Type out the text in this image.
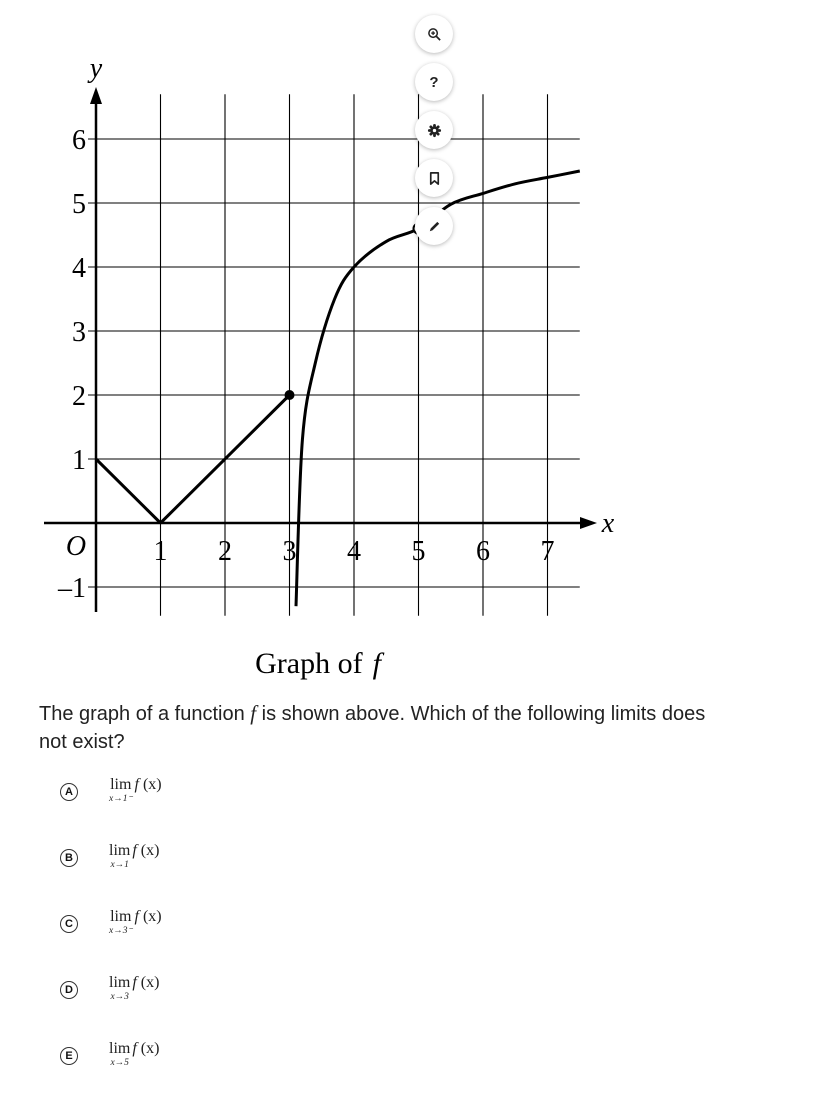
y
x
O 1 2 3 4 5 6 7
6
5
4
3
2
1
–1
Graph of f
?
The graph of a function f is shown above. Which of the following limits does not exist?
A	lim
x→1⁻
f (x)
B	lim
x→1
f (x)
C	lim
x→3⁻
f (x)
D	lim
x→3
f (x)
E	lim
x→5
f (x)
